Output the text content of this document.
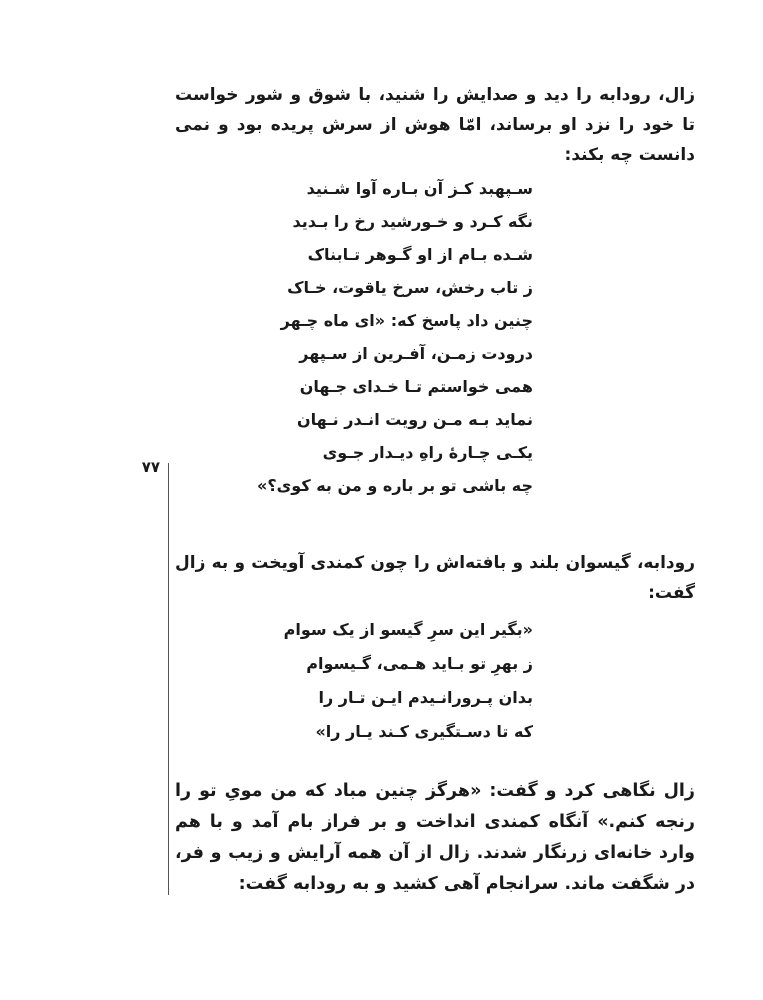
زال، رودابه را دید و صدایش را شنید، با شوق و شور خواست تا خود را نزد او برساند، امّا هوش از سرش پریده بود و نمی دانست چه بکند:

سـپهبد کـز آن بـاره آوا شـنید
نگه کـرد و خـورشید رخ را بـدید
شـده بـام از او گـوهر تـابناک
ز تاب رخش، سرخ یاقوت، خـاک
چنین داد پاسخ که: «ای ماه چـهر
درودت زمـن، آفـرین از سـپهر
همی خواستم تـا خـدای جـهان
نماید بـه مـن رویت انـدر نـهان
یکـی چـارهٔ راهِ دیـدار جـوی
چه باشی تو بر باره و من به کوی؟»
۷۷

رودابه، گیسوان بلند و بافته‌اش را چون کمندی آویخت و به زال گفت:

«بگیر این سرِ گیسو از یک سوام
ز بهرِ تو بـاید هـمی، گـیسوام
بدان پـرورانـیدم ایـن تـار را
که تا دسـتگیری کـند یـار را»

زال نگاهی کرد و گفت: «هرگز چنین مباد که من مویِ تو را رنجه کنم.» آنگاه کمندی انداخت و بر فراز بام آمد و با هم وارد خانه‌ای زرنگار شدند. زال از آن همه آرایش و زیب و فر، در شگفت ماند. سرانجام آهی کشید و به رودابه گفت:
